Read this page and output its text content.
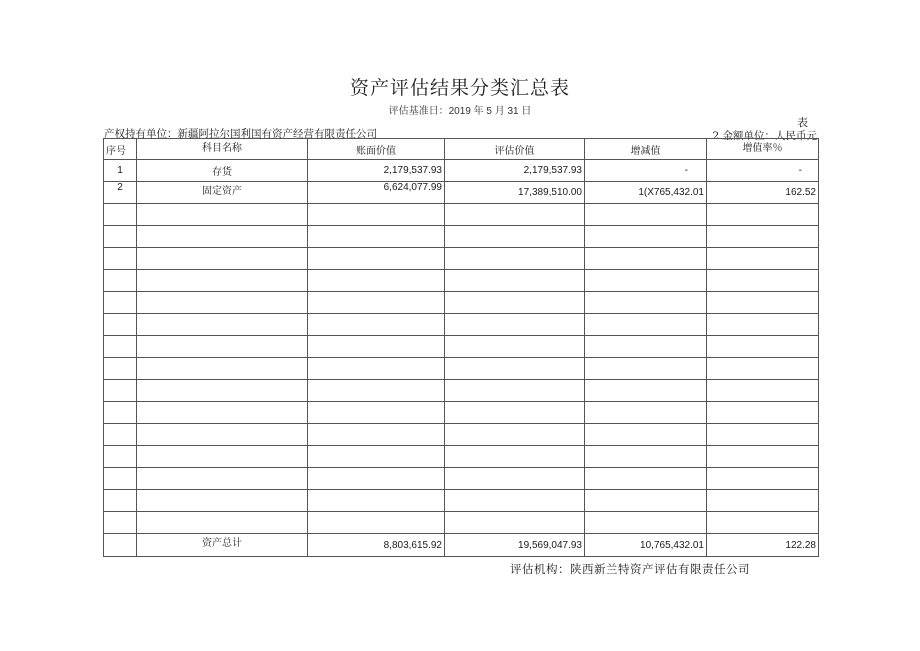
资产评估结果分类汇总表
评估基准日：2019 年 5 月 31 日
表
产权持有单位：新疆阿拉尔国利国有资产经营有限责任公司	2 金额单位：人民币元
序号	科目名称	账面价值	评估价值	增减值	增值率％
1	存货	2,179,537.93	2,179,537.93	-	-
2	固定资产	6,624,077.99	17,389,510.00	1(X765,432.01	162.52

	资产总计	8,803,615.92	19,569,047.93	10,765,432.01	122.28
评估机构：陕西新兰特资产评估有限责任公司
